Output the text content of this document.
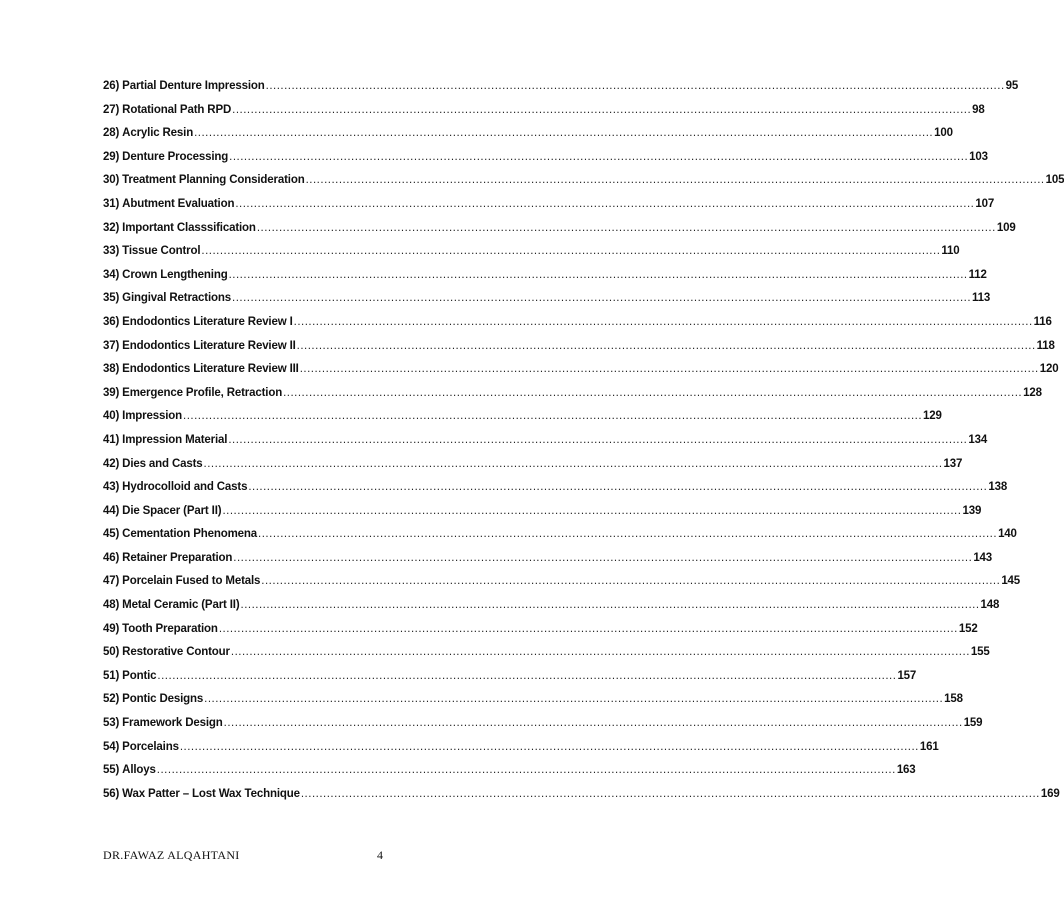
26) Partial Denture Impression ........................................................................................................................................................................................................ 95
27) Rotational Path RPD ........................................................................................................................................................................................................ 98
28) Acrylic Resin ........................................................................................................................................................................................................ 100
29) Denture Processing ........................................................................................................................................................................................................ 103
30) Treatment Planning Consideration ........................................................................................................................................................................................................ 105
31) Abutment Evaluation ........................................................................................................................................................................................................ 107
32) Important Classsification ........................................................................................................................................................................................................ 109
33) Tissue Control ........................................................................................................................................................................................................ 110
34) Crown Lengthening ........................................................................................................................................................................................................ 112
35) Gingival Retractions ........................................................................................................................................................................................................ 113
36) Endodontics Literature Review I ........................................................................................................................................................................................................ 116
37) Endodontics Literature Review II ........................................................................................................................................................................................................ 118
38) Endodontics Literature Review III ........................................................................................................................................................................................................ 120
39) Emergence Profile, Retraction ........................................................................................................................................................................................................ 128
40) Impression ........................................................................................................................................................................................................ 129
41) Impression Material ........................................................................................................................................................................................................ 134
42) Dies and Casts ........................................................................................................................................................................................................ 137
43) Hydrocolloid and Casts ........................................................................................................................................................................................................ 138
44) Die Spacer (Part II) ........................................................................................................................................................................................................ 139
45) Cementation Phenomena ........................................................................................................................................................................................................ 140
46) Retainer Preparation ........................................................................................................................................................................................................ 143
47) Porcelain Fused to Metals ........................................................................................................................................................................................................ 145
48) Metal Ceramic (Part II) ........................................................................................................................................................................................................ 148
49) Tooth Preparation ........................................................................................................................................................................................................ 152
50) Restorative Contour ........................................................................................................................................................................................................ 155
51) Pontic ........................................................................................................................................................................................................ 157
52) Pontic Designs ........................................................................................................................................................................................................ 158
53) Framework Design ........................................................................................................................................................................................................ 159
54) Porcelains ........................................................................................................................................................................................................ 161
55) Alloys ........................................................................................................................................................................................................ 163
56) Wax Patter – Lost Wax Technique ........................................................................................................................................................................................................ 169
DR.FAWAZ ALQAHTANI	4
